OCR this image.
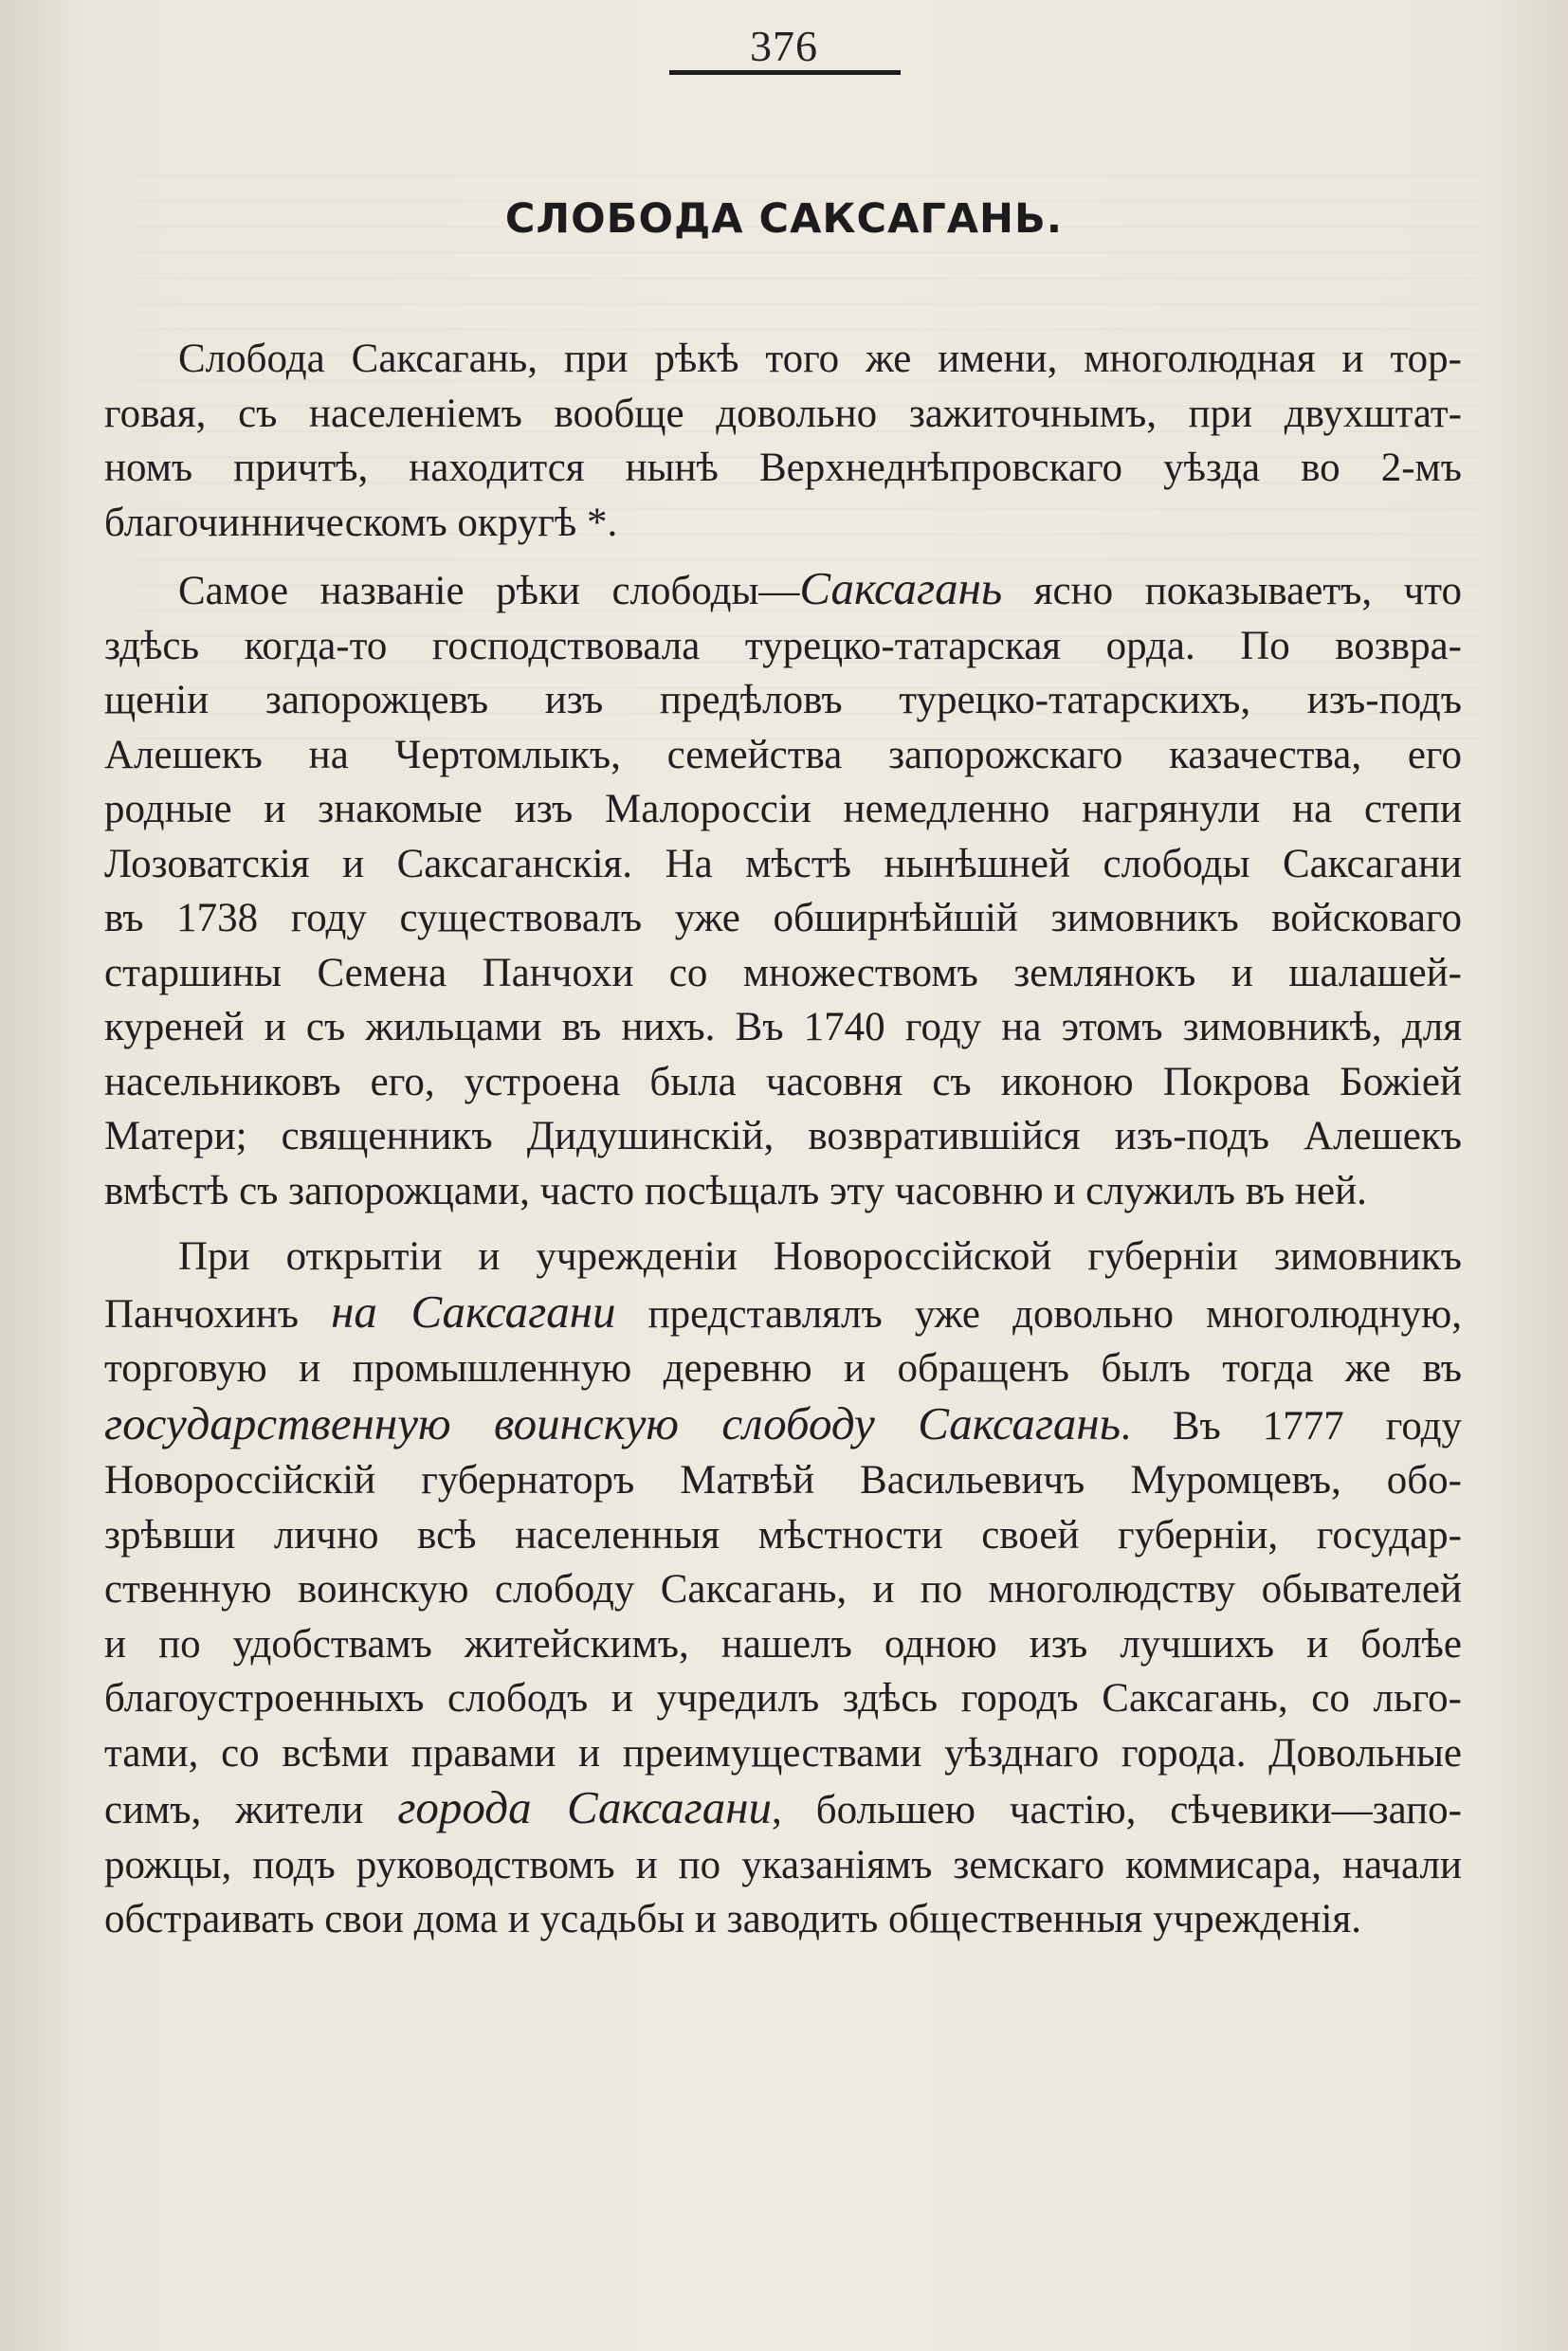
376
СЛОБОДА САКСАГАНЬ.
Слобода Саксагань, при рѣкѣ того же имени, многолюдная и тор-
говая, съ населеніемъ вообще довольно зажиточнымъ, при двухштат-
номъ причтѣ, находится нынѣ Верхнеднѣпровскаго уѣзда во 2-мъ
благочинническомъ округѣ *.
Самое названіе рѣки слободы—Саксагань ясно показываетъ, что
здѣсь когда-то господствовала турецко-татарская орда. По возвра-
щеніи запорожцевъ изъ предѣловъ турецко-татарскихъ, изъ-подъ
Алешекъ на Чертомлыкъ, семейства запорожскаго казачества, его
родные и знакомые изъ Малороссіи немедленно нагрянули на степи
Лозоватскія и Саксаганскія. На мѣстѣ нынѣшней слободы Саксагани
въ 1738 году существовалъ уже обширнѣйшій зимовникъ войсковаго
старшины Семена Панчохи со множествомъ землянокъ и шалашей-
куреней и съ жильцами въ нихъ. Въ 1740 году на этомъ зимовникѣ, для
насельниковъ его, устроена была часовня съ иконою Покрова Божіей
Матери; священникъ Дидушинскій, возвратившійся изъ-подъ Алешекъ
вмѣстѣ съ запорожцами, часто посѣщалъ эту часовню и служилъ въ ней.
При открытіи и учрежденіи Новороссійской губерніи зимовникъ
Панчохинъ на Саксагани представлялъ уже довольно многолюдную,
торговую и промышленную деревню и обращенъ былъ тогда же въ
государственную воинскую слободу Саксагань. Въ 1777 году
Новороссійскій губернаторъ Матвѣй Васильевичъ Муромцевъ, обо-
зрѣвши лично всѣ населенныя мѣстности своей губерніи, государ-
ственную воинскую слободу Саксагань, и по многолюдству обывателей
и по удобствамъ житейскимъ, нашелъ одною изъ лучшихъ и болѣе
благоустроенныхъ слободъ и учредилъ здѣсь городъ Саксагань, со льго-
тами, со всѣми правами и преимуществами уѣзднаго города. Довольные
симъ, жители города Саксагани, большею частію, сѣчевики—запо-
рожцы, подъ руководствомъ и по указаніямъ земскаго коммисара, начали
обстраивать свои дома и усадьбы и заводить общественныя учрежденія.
